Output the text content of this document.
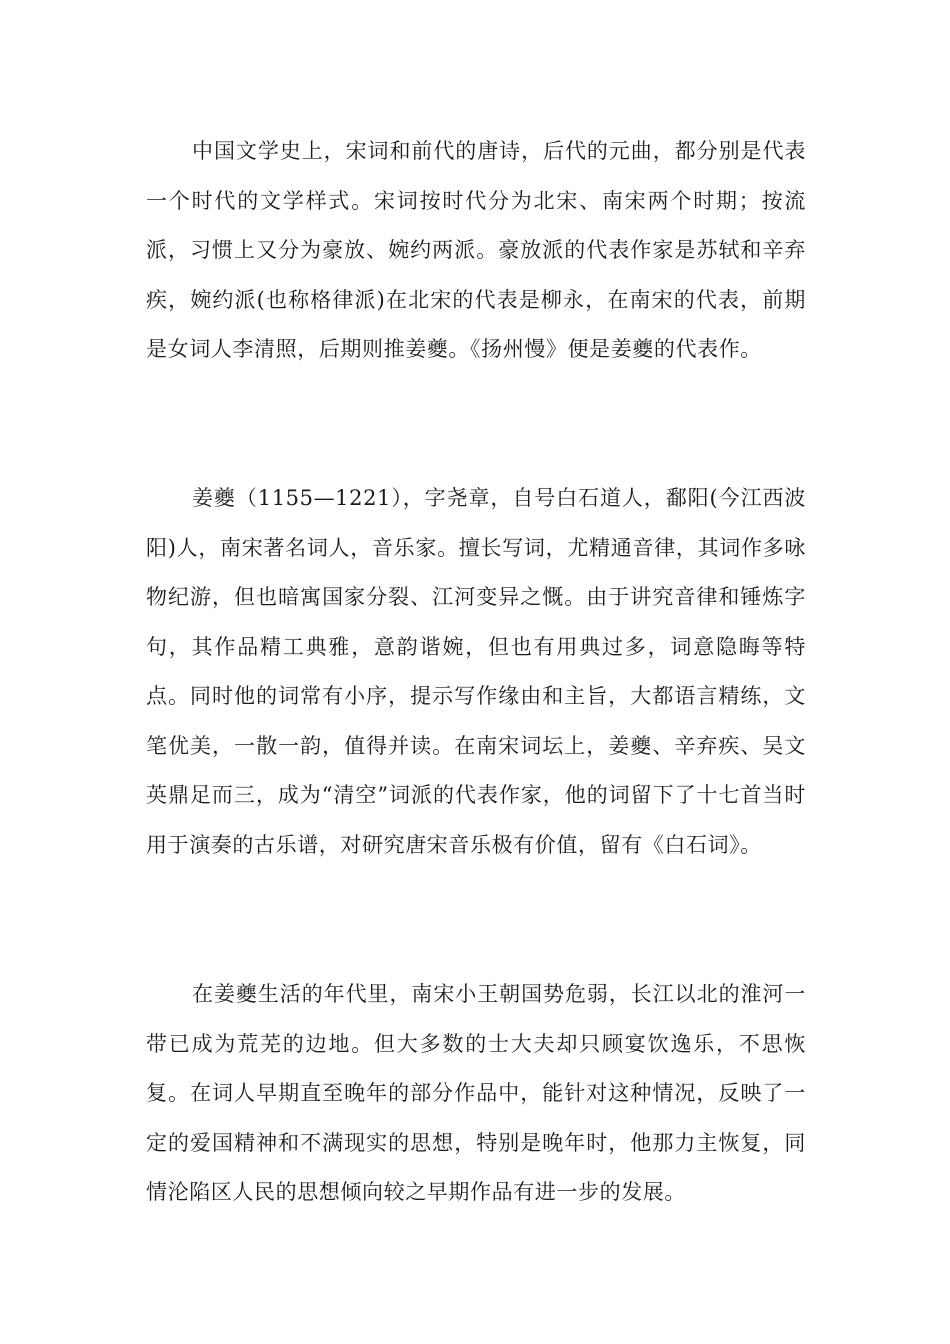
中国文学史上，宋词和前代的唐诗，后代的元曲，都分别是代表一个时代的文学样式。宋词按时代分为北宋、南宋两个时期；按流派，习惯上又分为豪放、婉约两派。豪放派的代表作家是苏轼和辛弃疾，婉约派(也称格律派)在北宋的代表是柳永，在南宋的代表，前期是女词人李清照，后期则推姜夔。《扬州慢》便是姜夔的代表作。

姜夔（1155—1221），字尧章，自号白石道人，鄱阳(今江西波阳)人，南宋著名词人，音乐家。擅长写词，尤精通音律，其词作多咏物纪游，但也暗寓国家分裂、江河变异之慨。由于讲究音律和锤炼字句，其作品精工典雅，意韵谐婉，但也有用典过多，词意隐晦等特点。同时他的词常有小序，提示写作缘由和主旨，大都语言精练，文笔优美，一散一韵，值得并读。在南宋词坛上，姜夔、辛弃疾、吴文英鼎足而三，成为“清空”词派的代表作家，他的词留下了十七首当时用于演奏的古乐谱，对研究唐宋音乐极有价值，留有《白石词》。

在姜夔生活的年代里，南宋小王朝国势危弱，长江以北的淮河一带已成为荒芜的边地。但大多数的士大夫却只顾宴饮逸乐，不思恢复。在词人早期直至晚年的部分作品中，能针对这种情况，反映了一定的爱国精神和不满现实的思想，特别是晚年时，他那力主恢复，同情沦陷区人民的思想倾向较之早期作品有进一步的发展。
